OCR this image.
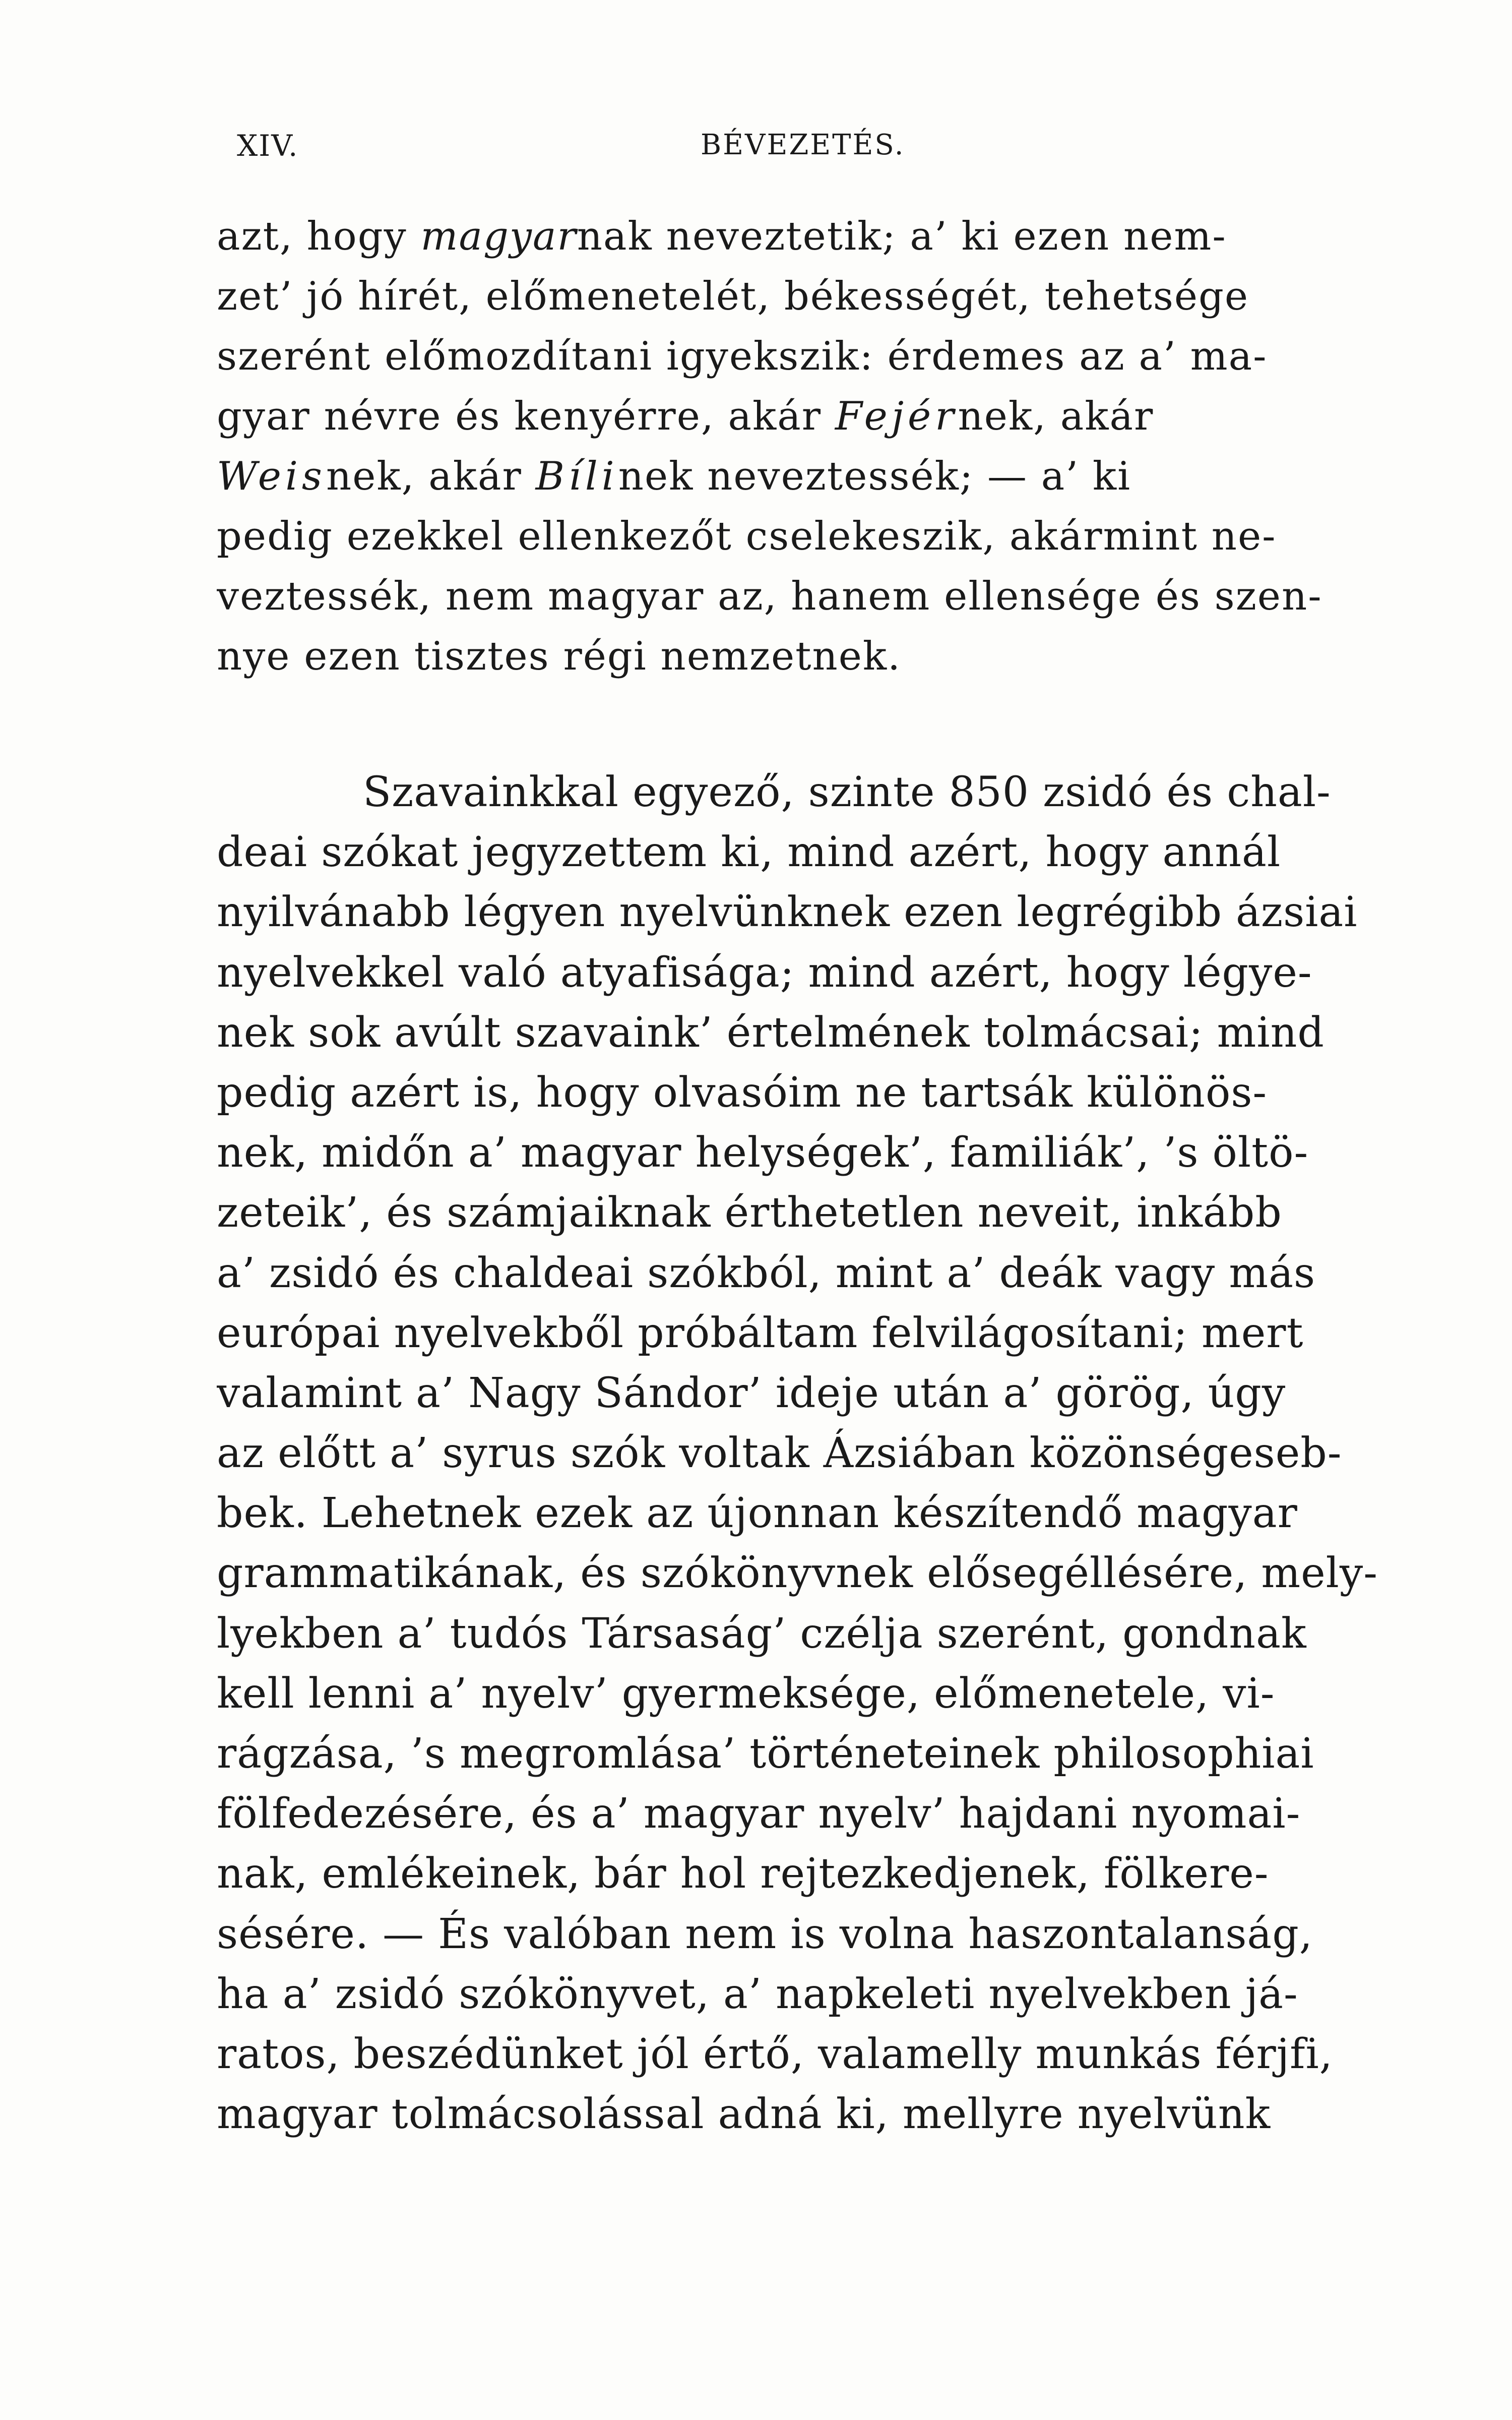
XIV.	BÉVEZETÉS.
azt, hogy magyarnak neveztetik; a’ ki ezen nem-
zet’ jó hírét, előmenetelét, békességét, tehetsége
szerént előmozdítani igyekszik: érdemes az a’ ma-
gyar névre és kenyérre, akár Fejérnek, akár
Weisnek, akár Bílinek neveztessék; — a’ ki
pedig ezekkel ellenkezőt cselekeszik, akármint ne-
veztessék, nem magyar az, hanem ellensége és szen-
nye ezen tisztes régi nemzetnek.
Szavainkkal egyező, szinte 850 zsidó és chal-
deai szókat jegyzettem ki, mind azért, hogy annál
nyilvánabb légyen nyelvünknek ezen legrégibb ázsiai
nyelvekkel való atyafisága; mind azért, hogy légye-
nek sok avúlt szavaink’ értelmének tolmácsai; mind
pedig azért is, hogy olvasóim ne tartsák különös-
nek, midőn a’ magyar helységek’, familiák’, ’s öltö-
zeteik’, és számjaiknak érthetetlen neveit, inkább
a’ zsidó és chaldeai szókból, mint a’ deák vagy más
európai nyelvekből próbáltam felvilágosítani; mert
valamint a’ Nagy Sándor’ ideje után a’ görög, úgy
az előtt a’ syrus szók voltak Ázsiában közönségeseb-
bek. Lehetnek ezek az újonnan készítendő magyar
grammatikának, és szókönyvnek elősegéllésére, mely-
lyekben a’ tudós Társaság’ czélja szerént, gondnak
kell lenni a’ nyelv’ gyermeksége, előmenetele, vi-
rágzása, ’s megromlása’ történeteinek philosophiai
fölfedezésére, és a’ magyar nyelv’ hajdani nyomai-
nak, emlékeinek, bár hol rejtezkedjenek, fölkere-
sésére. — És valóban nem is volna haszontalanság,
ha a’ zsidó szókönyvet, a’ napkeleti nyelvekben já-
ratos, beszédünket jól értő, valamelly munkás férjfi,
magyar tolmácsolással adná ki, mellyre nyelvünk
